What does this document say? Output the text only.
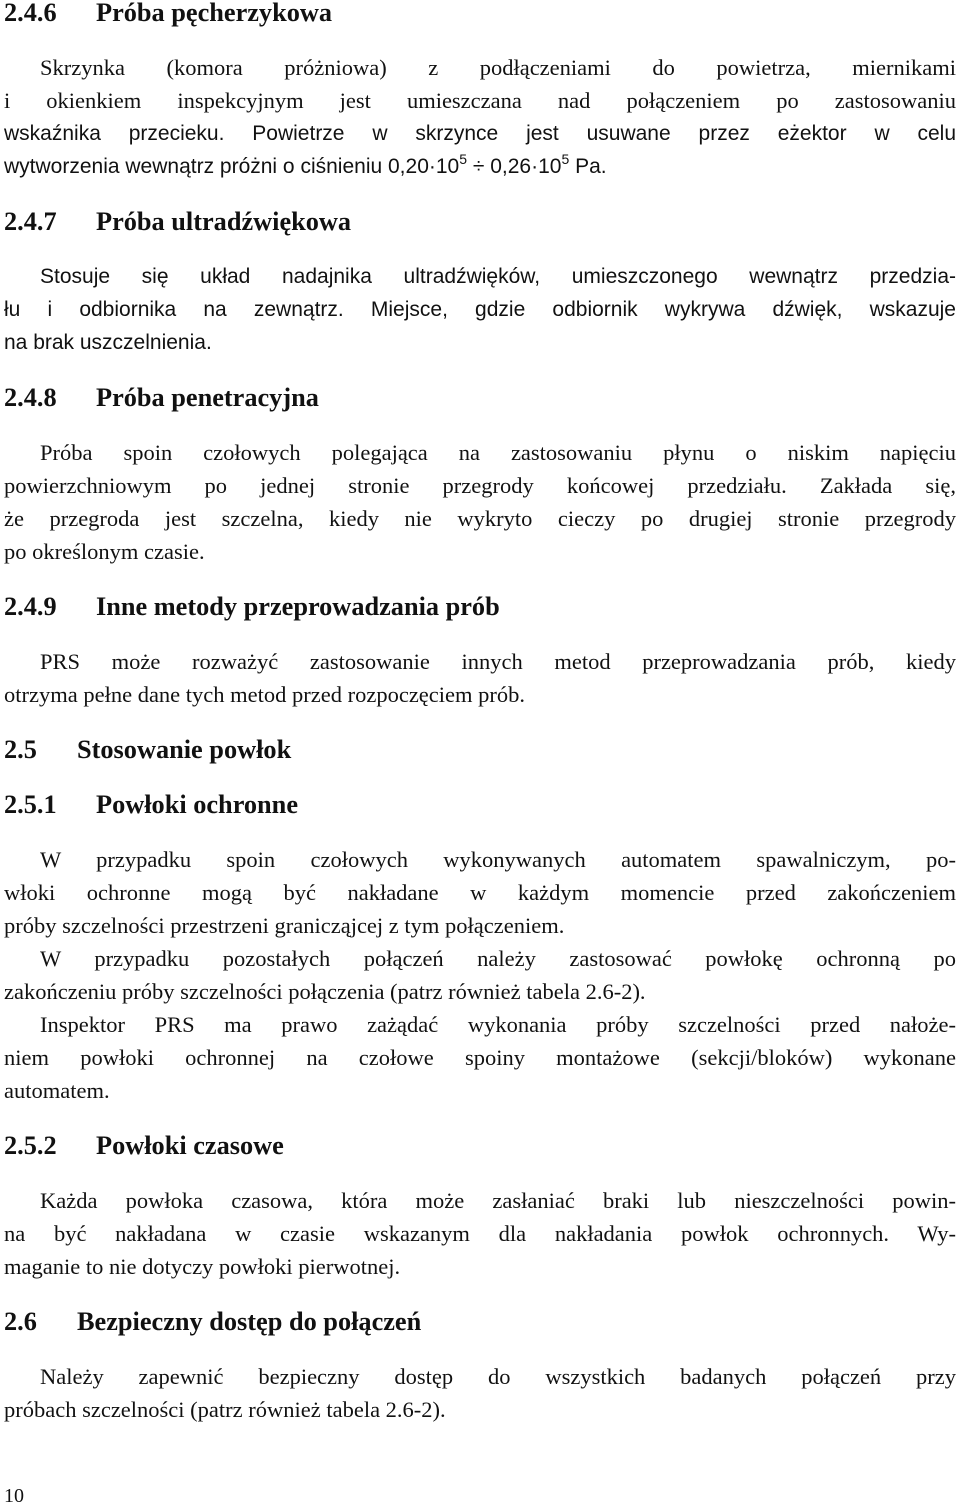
2.4.6 Próba pęcherzykowa

Skrzynka (komora próżniowa) z podłączeniami do powietrza, miernikami
i okienkiem inspekcyjnym jest umieszczana nad połączeniem po zastosowaniu
wskaźnika przecieku. Powietrze w skrzynce jest usuwane przez eżektor w celu
wytworzenia wewnątrz próżni o ciśnieniu $0,20\cdot 10^5 \div 0,26\cdot 10^5$ Pa.

2.4.7 Próba ultradźwiękowa

Stosuje się układ nadajnika ultradźwięków, umieszczonego wewnątrz przedzia-
łu i odbiornika na zewnątrz. Miejsce, gdzie odbiornik wykrywa dźwięk, wskazuje
na brak uszczelnienia.

2.4.8 Próba penetracyjna

Próba spoin czołowych polegająca na zastosowaniu płynu o niskim napięciu
powierzchniowym po jednej stronie przegrody końcowej przedziału. Zakłada się,
że przegroda jest szczelna, kiedy nie wykryto cieczy po drugiej stronie przegrody
po określonym czasie.

2.4.9 Inne metody przeprowadzania prób

PRS może rozważyć zastosowanie innych metod przeprowadzania prób, kiedy
otrzyma pełne dane tych metod przed rozpoczęciem prób.

2.5 Stosowanie powłok
2.5.1 Powłoki ochronne

W przypadku spoin czołowych wykonywanych automatem spawalniczym, po-
włoki ochronne mogą być nakładane w każdym momencie przed zakończeniem
próby szczelności przestrzeni granicząjcej z tym połączeniem.

W przypadku pozostałych połączeń należy zastosować powłokę ochronną po
zakończeniu próby szczelności połączenia (patrz również tabela 2.6-2).

Inspektor PRS ma prawo zażądać wykonania próby szczelności przed nałoże-
niem powłoki ochronnej na czołowe spoiny montażowe (sekcji/bloków) wykonane
automatem.

2.5.2 Powłoki czasowe

Każda powłoka czasowa, która może zasłaniać braki lub nieszczelności powin-
na być nakładana w czasie wskazanym dla nakładania powłok ochronnych. Wy-
maganie to nie dotyczy powłoki pierwotnej.

2.6 Bezpieczny dostęp do połączeń

Należy zapewnić bezpieczny dostęp do wszystkich badanych połączeń przy
próbach szczelności (patrz również tabela 2.6-2).

10
